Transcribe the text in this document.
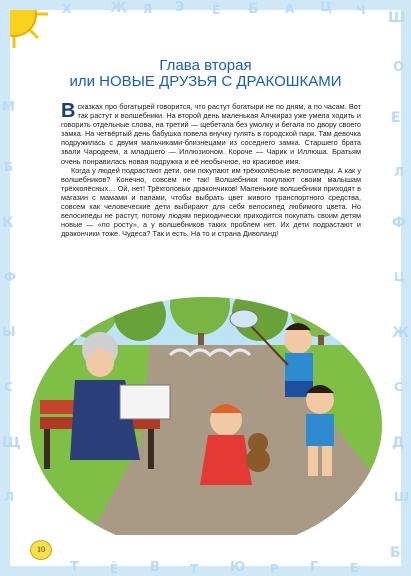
Х	Ж Я Э Ё Б А Ц Ч Ш
О
Е
Л
Ф
Ц
Ж
С
Д
Ш
Б
Е
Г
Р
Ю
Т
В
Ё
Т
М
Б
К
Ф
Ы
С
Щ
Л
Глава вторая
или НОВЫЕ ДРУЗЬЯ С ДРАКОШКАМИ

В сказках про богатырей говорится, что растут богатыри не по дням, а по часам. Вот так растут и волшебники. На второй день маленькая Алчкираз уже умела ходить и говорить отдельные слова, на третий — щебетала без умолку и бегала по двору своего замка. На четвёртый день бабушка повела внучку гулять в городской парк. Там девочка подружилась с двумя мальчиками-близнецами из соседнего замка. Старшего брата звали Чародеем, а младшего — Иллюзионом. Короче — Чарик и Иллюша. Братьям очень понравилась новая подружка и её необычное, но красивое имя.

Когда у людей подрастают дети, они покупают им трёхколёсные велосипеды. А как у волшебников? Конечно, совсем не так! Волшебники покупают своим малышам трёхколёсных… Ой, нет! Трёхголовых дракончиков! Маленькие волшебники приходят в магазин с мамами и папами, чтобы выбрать цвет живого транспортного средства, совсем как человеческие дети выбирают для себя велосипед любимого цвета. Но велосипеды не растут, потому людям периодически приходится покупать своим детям новые — «по росту», а у волшебников таких проблем нет. Их дети подрастают и дракончики тоже. Чудеса? Так и есть. На то и страна Диволанд!

10
